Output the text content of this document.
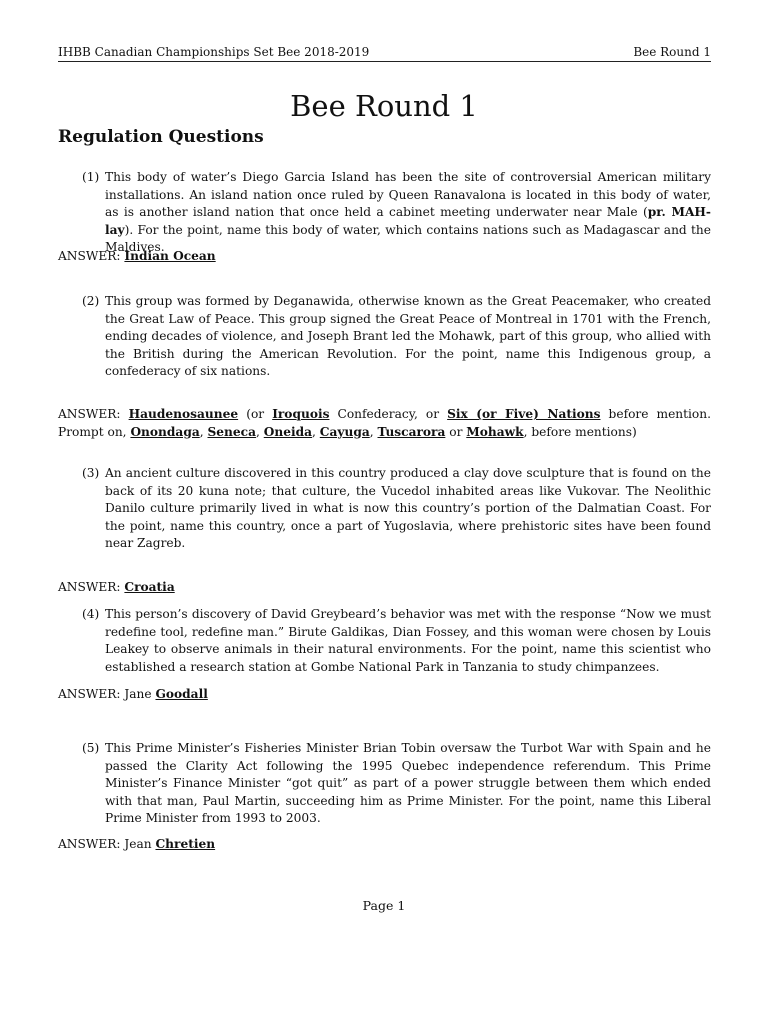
IHBB Canadian Championships Set Bee 2018-2019	Bee Round 1
Bee Round 1
Regulation Questions
(1) This body of water’s Diego Garcia Island has been the site of controversial American military installations. An island nation once ruled by Queen Ranavalona is located in this body of water, as is another island nation that once held a cabinet meeting underwater near Male (pr. MAH-lay). For the point, name this body of water, which contains nations such as Madagascar and the Maldives.
ANSWER: Indian Ocean
(2) This group was formed by Deganawida, otherwise known as the Great Peacemaker, who created the Great Law of Peace. This group signed the Great Peace of Montreal in 1701 with the French, ending decades of violence, and Joseph Brant led the Mohawk, part of this group, who allied with the British during the American Revolution. For the point, name this Indigenous group, a confederacy of six nations.
ANSWER: Haudenosaunee (or Iroquois Confederacy, or Six (or Five) Nations before mention. Prompt on, Onondaga, Seneca, Oneida, Cayuga, Tuscarora or Mohawk, before mentions)
(3) An ancient culture discovered in this country produced a clay dove sculpture that is found on the back of its 20 kuna note; that culture, the Vucedol inhabited areas like Vukovar. The Neolithic Danilo culture primarily lived in what is now this country’s portion of the Dalmatian Coast. For the point, name this country, once a part of Yugoslavia, where prehistoric sites have been found near Zagreb.
ANSWER: Croatia
(4) This person’s discovery of David Greybeard’s behavior was met with the response “Now we must redefine tool, redefine man.” Birute Galdikas, Dian Fossey, and this woman were chosen by Louis Leakey to observe animals in their natural environments. For the point, name this scientist who established a research station at Gombe National Park in Tanzania to study chimpanzees.
ANSWER: Jane Goodall
(5) This Prime Minister’s Fisheries Minister Brian Tobin oversaw the Turbot War with Spain and he passed the Clarity Act following the 1995 Quebec independence referendum. This Prime Minister’s Finance Minister “got quit” as part of a power struggle between them which ended with that man, Paul Martin, succeeding him as Prime Minister. For the point, name this Liberal Prime Minister from 1993 to 2003.
ANSWER: Jean Chretien
Page 1
